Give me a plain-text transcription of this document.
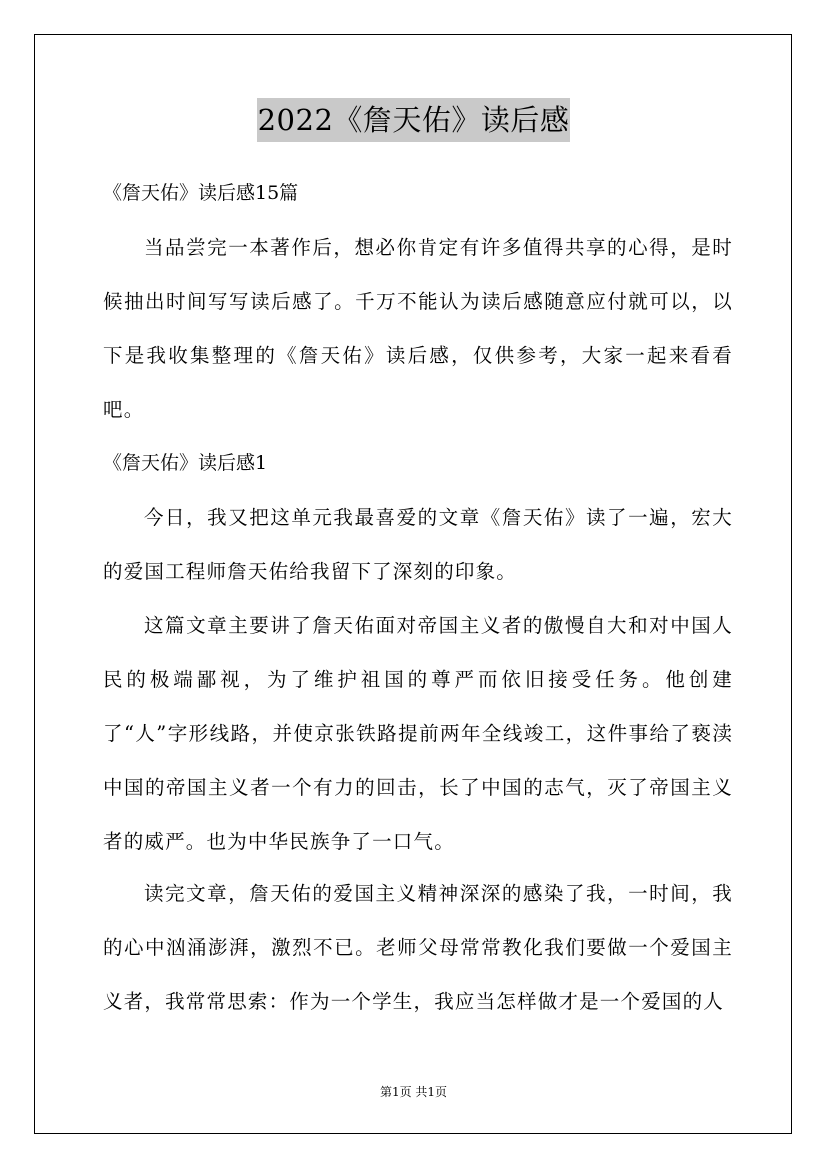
2022《詹天佑》读后感
《詹天佑》读后感15篇

当品尝完一本著作后，想必你肯定有许多值得共享的心得，是时候抽出时间写写读后感了。千万不能认为读后感随意应付就可以，以下是我收集整理的《詹天佑》读后感，仅供参考，大家一起来看看吧。

《詹天佑》读后感1

今日，我又把这单元我最喜爱的文章《詹天佑》读了一遍，宏大的爱国工程师詹天佑给我留下了深刻的印象。

这篇文章主要讲了詹天佑面对帝国主义者的傲慢自大和对中国人民的极端鄙视，为了维护祖国的尊严而依旧接受任务。他创建了“人”字形线路，并使京张铁路提前两年全线竣工，这件事给了亵渎中国的帝国主义者一个有力的回击，长了中国的志气，灭了帝国主义者的威严。也为中华民族争了一口气。

读完文章，詹天佑的爱国主义精神深深的感染了我，一时间，我的心中汹涌澎湃，激烈不已。老师父母常常教化我们要做一个爱国主义者，我常常思索：作为一个学生，我应当怎样做才是一个爱国的人

第1页 共1页
